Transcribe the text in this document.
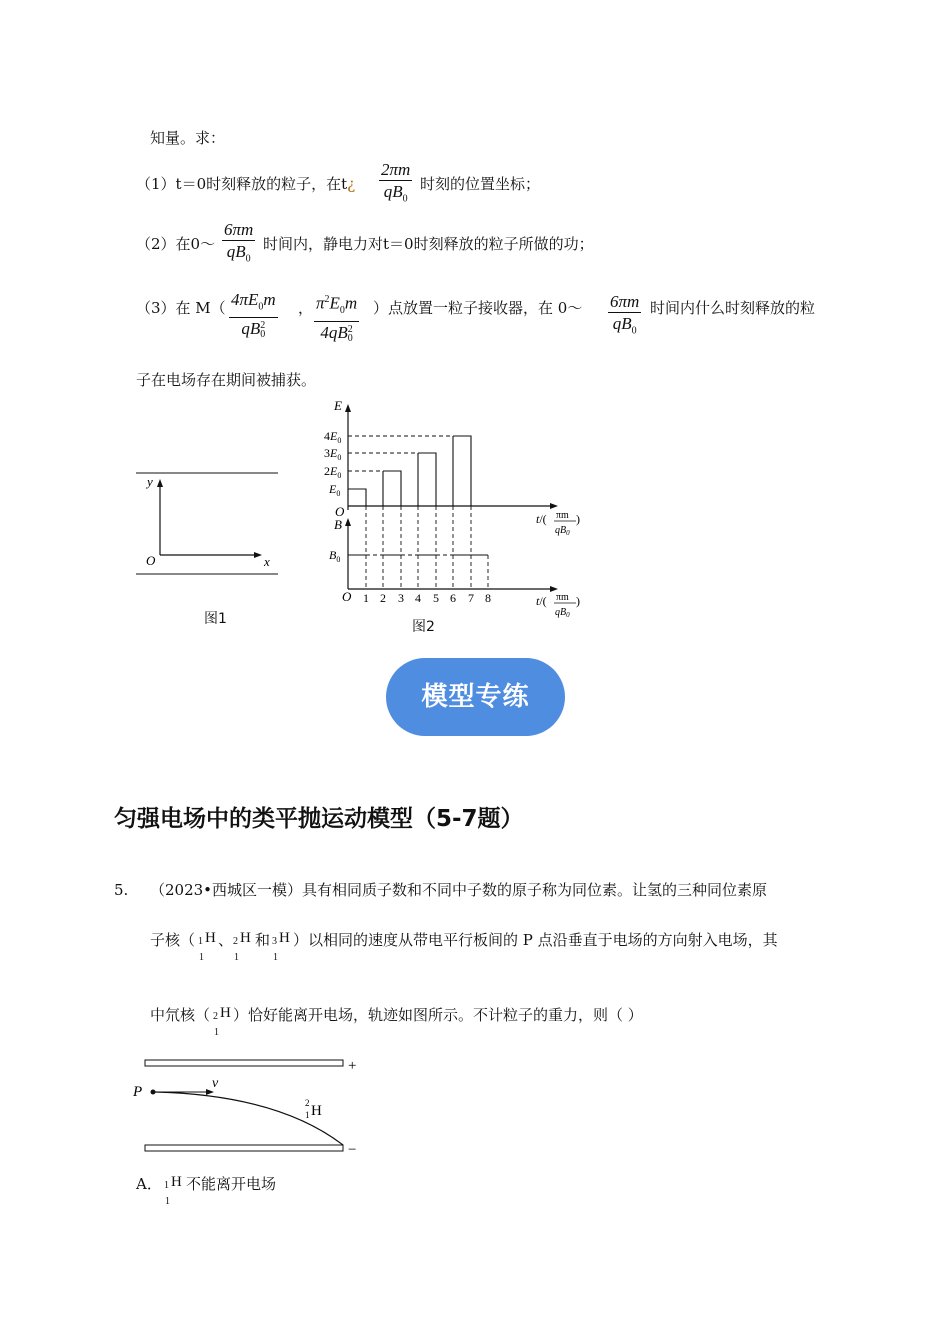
知量。求：
（1）t＝0时刻释放的粒子，在t¿ $\frac{2\pi m}{qB_0}$ 时刻的位置坐标；
（2）在0～ $\frac{6\pi m}{qB_0}$ 时间内，静电力对t＝0时刻释放的粒子所做的功；
（3）在 M（ $4\pi E_0m$
qB 2
0 ， $\pi^2E_0m$
4qB 2
0 ）点放置一粒子接收器，在 0～ $\frac{6\pi m}{qB_0}$ 时间内什么时刻释放的粒
子在电场存在期间被捕获。
y
x
O
图1
E
$4E_0$
$3E_0$
$2E_0$
$E_0$
O	t/( πm
$qB_0$
)
B
$B_0$
O 1 2 3 4 5 6 7 8	t/( πm
$qB_0$
)
图2
模型专练
匀强电场中的类平抛运动模型（5-7题）
5. （2023•西城区一模）具有相同质子数和不同中子数的原子称为同位素。让氢的三种同位素原
子核（ 1 H
1
、 2 H
1
和 3 H
1
）以相同的速度从带电平行板间的 P 点沿垂直于电场的方向射入电场，其
中氘核（ 2 H
1
）恰好能离开电场，轨迹如图所示。不计粒子的重力，则（ ）
+
−
P
v
2
1 H
A． 1 H
1
不能离开电场
